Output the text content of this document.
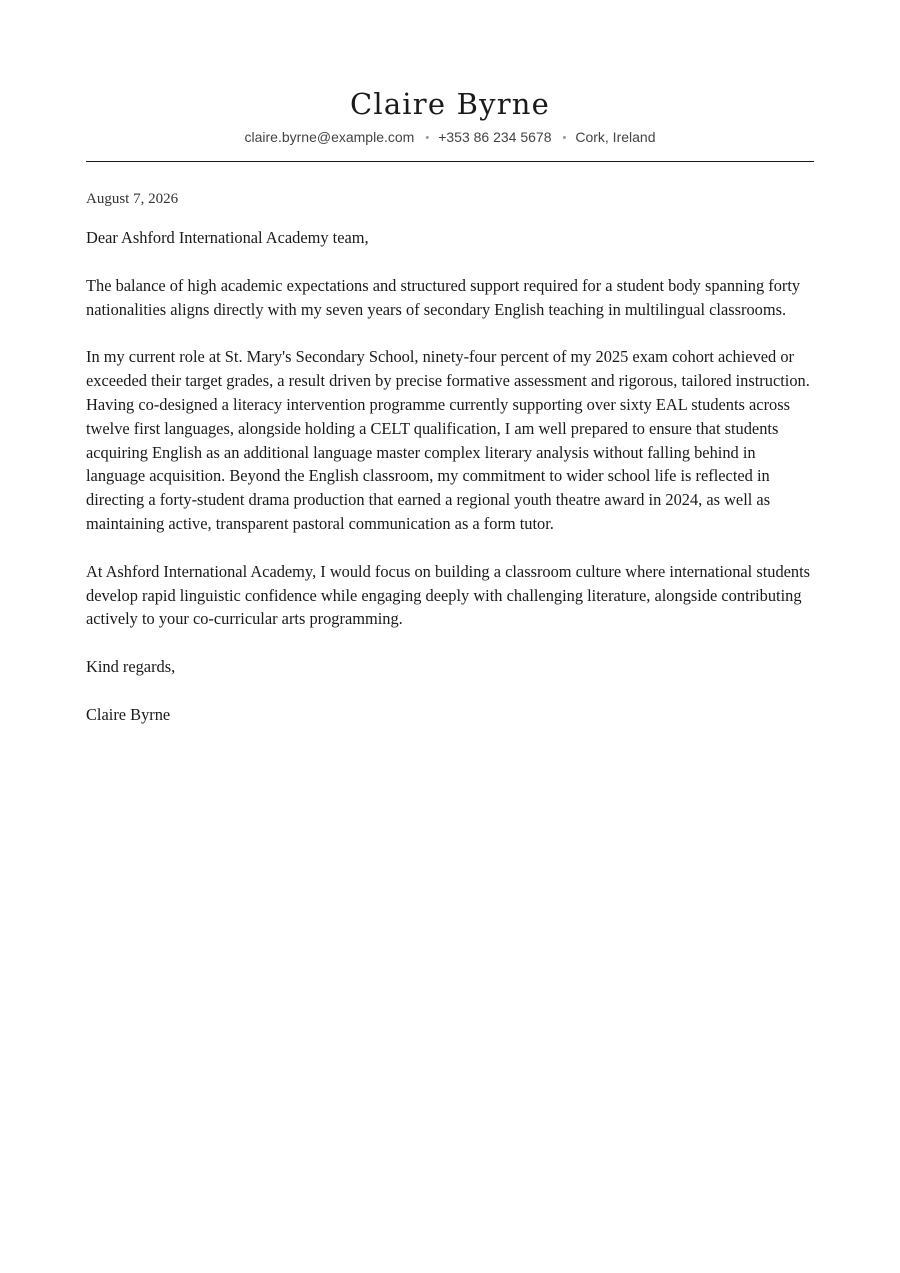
Claire Byrne
claire.byrne@example.com • +353 86 234 5678 • Cork, Ireland
August 7, 2026
Dear Ashford International Academy team,

The balance of high academic expectations and structured support required for a student body spanning forty nationalities aligns directly with my seven years of secondary English teaching in multilingual classrooms.

In my current role at St. Mary's Secondary School, ninety-four percent of my 2025 exam cohort achieved or exceeded their target grades, a result driven by precise formative assessment and rigorous, tailored instruction. Having co-designed a literacy intervention programme currently supporting over sixty EAL students across twelve first languages, alongside holding a CELT qualification, I am well prepared to ensure that students acquiring English as an additional language master complex literary analysis without falling behind in language acquisition. Beyond the English classroom, my commitment to wider school life is reflected in directing a forty-student drama production that earned a regional youth theatre award in 2024, as well as maintaining active, transparent pastoral communication as a form tutor.

At Ashford International Academy, I would focus on building a classroom culture where international students develop rapid linguistic confidence while engaging deeply with challenging literature, alongside contributing actively to your co-curricular arts programming.

Kind regards,
Claire Byrne
